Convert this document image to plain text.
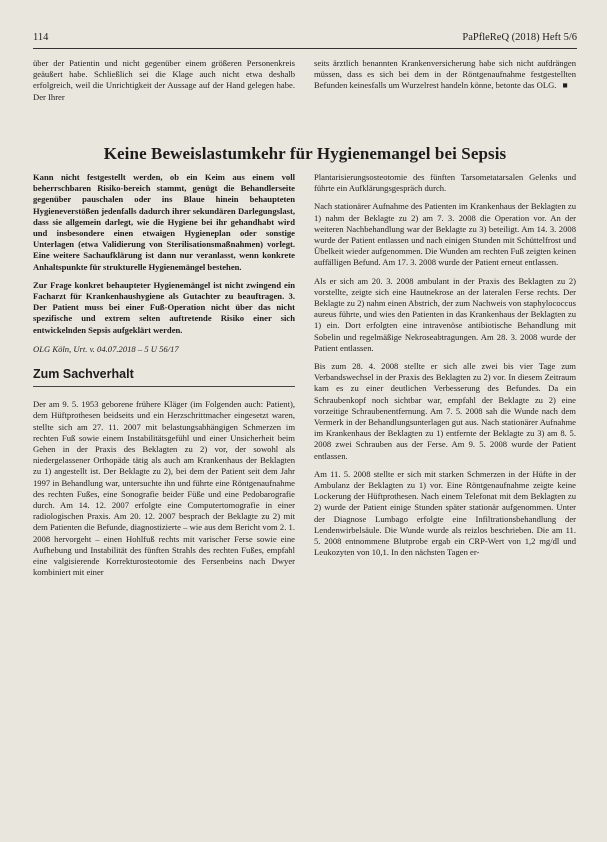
114	PaPfleReQ (2018) Heft 5/6

über der Patientin und nicht gegenüber einem größeren Personenkreis geäußert habe. Schließlich sei die Klage auch nicht etwa deshalb erfolgreich, weil die Unrichtigkeit der Aussage auf der Hand gelegen habe. Der Ihrer

seits ärztlich benannten Krankenversicherung habe sich nicht aufdrängen müssen, dass es sich bei dem in der Röntgenaufnahme festgestellten Befunden keinesfalls um Wurzelrest handeln könne, betonte das OLG. ■

Keine Beweislastumkehr für Hygienemangel bei Sepsis

Kann nicht festgestellt werden, ob ein Keim aus einem voll beherrschbaren Risiko-bereich stammt, genügt die Behandlerseite gegenüber pauschalen oder ins Blaue hinein behaupteten Hygieneverstößen jedenfalls dadurch ihrer sekundären Darlegungslast, dass sie allgemein darlegt, wie die Hygiene bei ihr gehandhabt wird und insbesondere einen etwaigen Hygieneplan oder sonstige Unterlagen (etwa Validierung von Sterilisationsmaßnahmen) vorlegt. Eine weitere Sachaufklärung ist dann nur veranlasst, wenn konkrete Anhaltspunkte für strukturelle Hygienemängel bestehen.

Zur Frage konkret behaupteter Hygienemängel ist nicht zwingend ein Facharzt für Krankenhaushygiene als Gutachter zu beauftragen. 3. Der Patient muss bei einer Fuß-Operation nicht über das nicht spezifische und extrem selten auftretende Risiko einer sich entwickelnden Sepsis aufgeklärt werden.

OLG Köln, Urt. v. 04.07.2018 – 5 U 56/17

Zum Sachverhalt

Der am 9. 5. 1953 geborene frühere Kläger (im Folgenden auch: Patient), dem Hüftprothesen beidseits und ein Herzschrittmacher eingesetzt waren, stellte sich am 27. 11. 2007 mit belastungsabhängigen Schmerzen im rechten Fuß sowie einem Instabilitätsgefühl und einer Unsicherheit beim Gehen in der Praxis des Beklagten zu 2) vor, der sowohl als niedergelassener Orthopäde tätig als auch am Krankenhaus der Beklagten zu 1) angestellt ist. Der Beklagte zu 2), bei dem der Patient seit dem Jahr 1997 in Behandlung war, untersuchte ihn und führte eine Röntgenaufnahme des rechten Fußes, eine Sonografie beider Füße und eine Pedobarografie durch. Am 14. 12. 2007 erfolgte eine Computertomografie in einer radiologischen Praxis. Am 20. 12. 2007 besprach der Beklagte zu 2) mit dem Patienten die Befunde, diagnostizierte – wie aus dem Bericht vom 2. 1. 2008 hervorgeht – einen Hohlfuß rechts mit varischer Ferse sowie eine Aufhebung und Instabilität des fünften Strahls des rechten Fußes, empfahl eine valgisierende Korrekturosteotomie des Fersenbeins nach Dwyer kombiniert mit einer

Plantarisierungsosteotomie des fünften Tarsometatarsalen Gelenks und führte ein Aufklärungsgespräch durch.

Nach stationärer Aufnahme des Patienten im Krankenhaus der Beklagten zu 1) nahm der Beklagte zu 2) am 7. 3. 2008 die Operation vor. An der weiteren Nachbehandlung war der Beklagte zu 3) beteiligt. Am 14. 3. 2008 wurde der Patient entlassen und nach einigen Stunden mit Schüttelfrost und Übelkeit wieder aufgenommen. Die Wunden am rechten Fuß zeigten keinen auffälligen Befund. Am 17. 3. 2008 wurde der Patient erneut entlassen.

Als er sich am 20. 3. 2008 ambulant in der Praxis des Beklagten zu 2) vorstellte, zeigte sich eine Hautnekrose an der lateralen Ferse rechts. Der Beklagte zu 2) nahm einen Abstrich, der zum Nachweis von staphylococcus aureus führte, und wies den Patienten in das Krankenhaus der Beklagten zu 1) ein. Dort erfolgten eine intravenöse antibiotische Behandlung mit Sobelin und regelmäßige Nekroseabtragungen. Am 28. 3. 2008 wurde der Patient entlassen.

Bis zum 28. 4. 2008 stellte er sich alle zwei bis vier Tage zum Verbandswechsel in der Praxis des Beklagten zu 2) vor. In diesem Zeitraum kam es zu einer deutlichen Verbesserung des Befundes. Da ein Schraubenkopf noch sichtbar war, empfahl der Beklagte zu 2) eine vorzeitige Schraubenentfernung. Am 7. 5. 2008 sah die Wunde nach dem Vermerk in der Behandlungsunterlagen gut aus. Nach stationärer Aufnahme im Krankenhaus der Beklagten zu 1) entfernte der Beklagte zu 3) am 8. 5. 2008 zwei Schrauben aus der Ferse. Am 9. 5. 2008 wurde der Patient entlassen.

Am 11. 5. 2008 stellte er sich mit starken Schmerzen in der Hüfte in der Ambulanz der Beklagten zu 1) vor. Eine Röntgenaufnahme zeigte keine Lockerung der Hüftprothesen. Nach einem Telefonat mit dem Beklagten zu 2) wurde der Patient einige Stunden später stationär aufgenommen. Unter der Diagnose Lumbago erfolgte eine Infiltrationsbehandlung der Lendenwirbelsäule. Die Wunde wurde als reizlos beschrieben. Die am 11. 5. 2008 entnommene Blutprobe ergab ein CRP-Wert von 1,2 mg/dl und Leukozyten von 10,1. In den nächsten Tagen er-
